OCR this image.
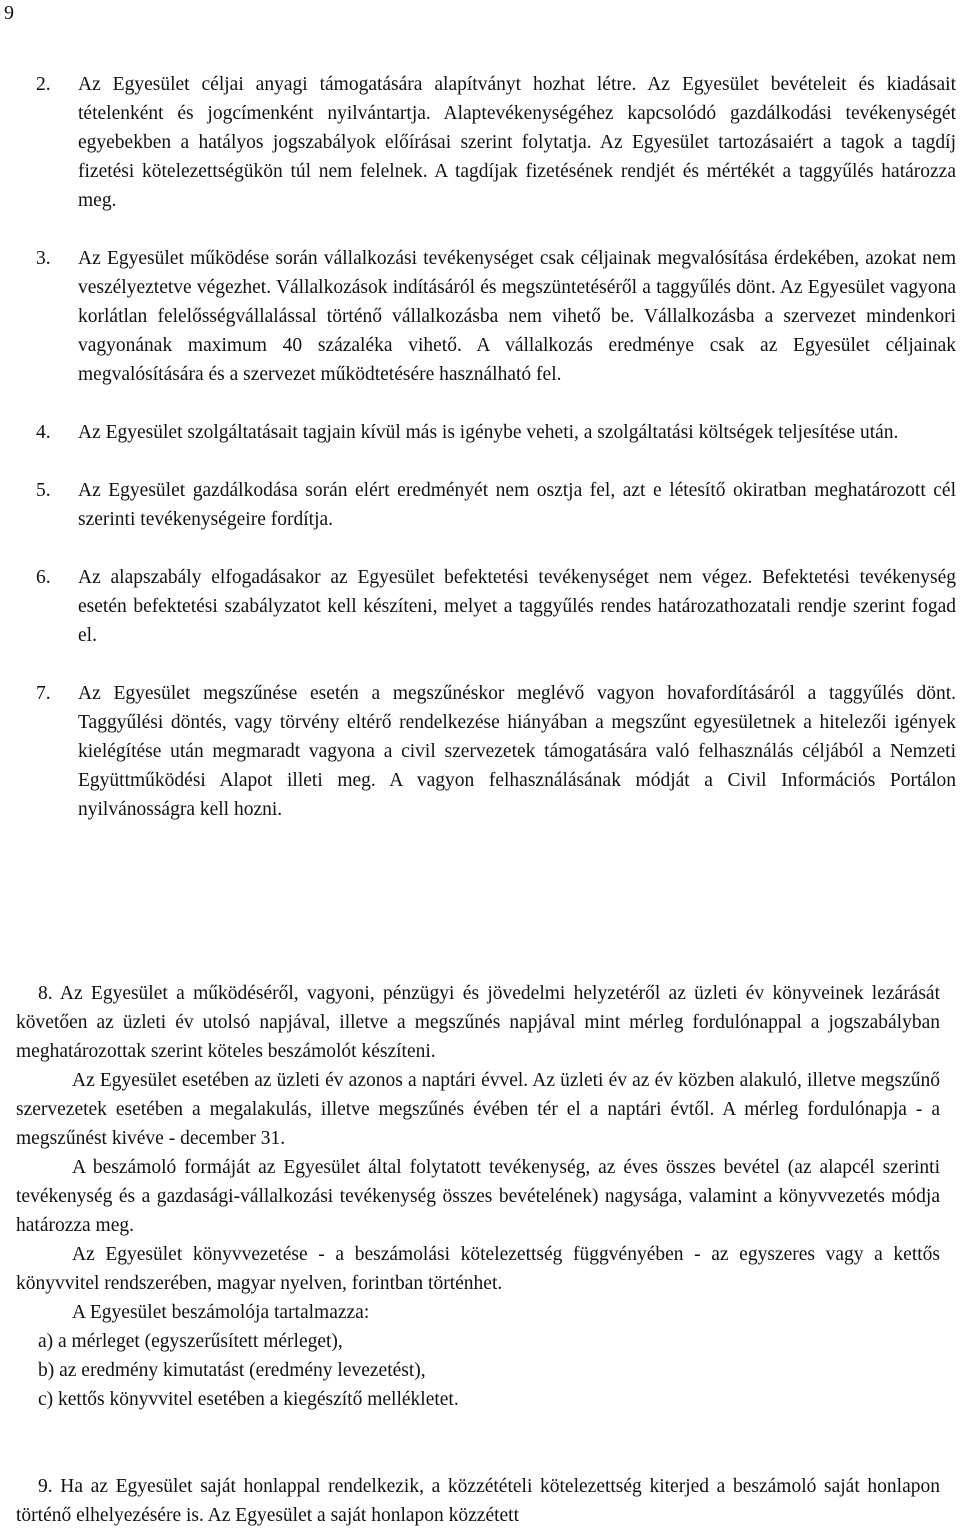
9
2.	Az Egyesület céljai anyagi támogatására alapítványt hozhat létre. Az Egyesület bevételeit és kiadásait tételenként és jogcímenként nyilvántartja. Alaptevékenységéhez kapcsolódó gazdálkodási tevékenységét egyebekben a hatályos jogszabályok előírásai szerint folytatja. Az Egyesület tartozásaiért a tagok a tagdíj fizetési kötelezettségükön túl nem felelnek. A tagdíjak fizetésének rendjét és mértékét a taggyűlés határozza meg.
3.	Az Egyesület működése során vállalkozási tevékenységet csak céljainak megvalósítása érdekében, azokat nem veszélyeztetve végezhet. Vállalkozások indításáról és megszüntetéséről a taggyűlés dönt. Az Egyesület vagyona korlátlan felelősségvállalással történő vállalkozásba nem vihető be. Vállalkozásba a szervezet mindenkori vagyonának maximum 40 százaléka vihető. A vállalkozás eredménye csak az Egyesület céljainak megvalósítására és a szervezet működtetésére használható fel.
4.	Az Egyesület szolgáltatásait tagjain kívül más is igénybe veheti, a szolgáltatási költségek teljesítése után.
5.	Az Egyesület gazdálkodása során elért eredményét nem osztja fel, azt e létesítő okiratban meghatározott cél szerinti tevékenységeire fordítja.
6.	Az alapszabály elfogadásakor az Egyesület befektetési tevékenységet nem végez. Befektetési tevékenység esetén befektetési szabályzatot kell készíteni, melyet a taggyűlés rendes határozathozatali rendje szerint fogad el.
7.	Az Egyesület megszűnése esetén a megszűnéskor meglévő vagyon hovafordításáról a taggyűlés dönt. Taggyűlési döntés, vagy törvény eltérő rendelkezése hiányában a megszűnt egyesületnek a hitelezői igények kielégítése után megmaradt vagyona a civil szervezetek támogatására való felhasználás céljából a Nemzeti Együttműködési Alapot illeti meg. A vagyon felhasználásának módját a Civil Információs Portálon nyilvánosságra kell hozni.

8. Az Egyesület a működéséről, vagyoni, pénzügyi és jövedelmi helyzetéről az üzleti év könyveinek lezárását követően az üzleti év utolsó napjával, illetve a megszűnés napjával mint mérleg fordulónappal a jogszabályban meghatározottak szerint köteles beszámolót készíteni.

Az Egyesület esetében az üzleti év azonos a naptári évvel. Az üzleti év az év közben alakuló, illetve megszűnő szervezetek esetében a megalakulás, illetve megszűnés évében tér el a naptári évtől. A mérleg fordulónapja - a megszűnést kivéve - december 31.

A beszámoló formáját az Egyesület által folytatott tevékenység, az éves összes bevétel (az alapcél szerinti tevékenység és a gazdasági-vállalkozási tevékenység összes bevételének) nagysága, valamint a könyvvezetés módja határozza meg.

Az Egyesület könyvvezetése - a beszámolási kötelezettség függvényében - az egyszeres vagy a kettős könyvvitel rendszerében, magyar nyelven, forintban történhet.

A Egyesület beszámolója tartalmazza:

a) a mérleget (egyszerűsített mérleget),

b) az eredmény kimutatást (eredmény levezetést),

c) kettős könyvvitel esetében a kiegészítő mellékletet.

9. Ha az Egyesület saját honlappal rendelkezik, a közzétételi kötelezettség kiterjed a beszámoló saját honlapon történő elhelyezésére is. Az Egyesület a saját honlapon közzétett
